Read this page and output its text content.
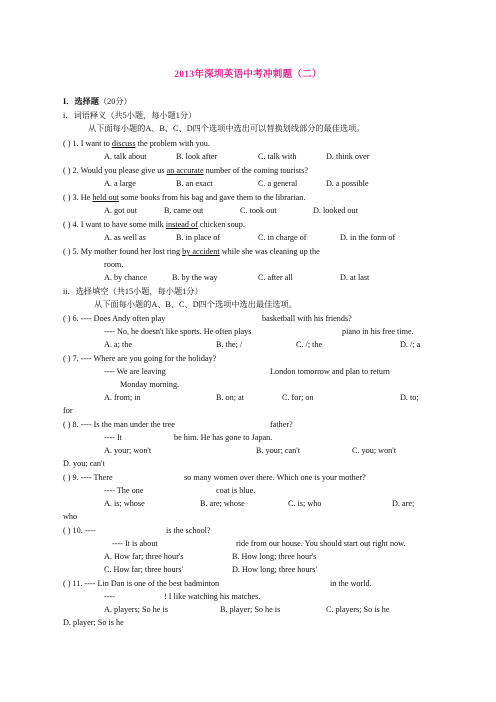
2013年深圳英语中考冲刺题（二）
I．选择题（20分）
i．词语释义（共5小题，每小题1分）
从下面每小题的A、B、C、D四个选项中选出可以替换划线部分的最佳选项。
( ) 1. I want to discuss the problem with you.
A. talk about	B. look after	C. talk with	D. think over
( ) 2. Would you please give us an accurate number of the coming tourists?
A. a large	B. an exact	C. a general	D. a possible
( ) 3. He held out some books from his bag and gave them to the librarian.
A. got out	B. came out	C. took out	D. looked out
( ) 4. I want to have some milk instead of chicken soup.
A. as well as	B. in place of	C. in charge of	D. in the form of
( ) 5. My mother found her lost ring by accident while she was cleaning up the
room.
A. by chance	B. by the way	C. after all	D. at last
ii．选择填空（共15小题，每小题1分）
从下面每小题的A、B、C、D四个选项中选出最佳选项。
( ) 6. ---- Does Andy often play	basketball with his friends?
---- No, he doesn't like sports. He often plays	piano in his free time.
A. a; the	B. the; /	C. /; the	D. /; a
( ) 7. ---- Where are you going for the holiday?
---- We are leaving	London tomorrow and plan to return
Monday morning.
A. from; in	B. on; at	C. for; on	D. to;
for
( ) 8. ---- Is the man under the tree	father?
---- It	be him. He has gone to Japan.
A. your; won't	B. your; can't	C. you; won't
D. you; can't
( ) 9. ---- There	so many women over there. Which one is your mother?
---- The one	coat is blue.
A. is; whose	B. are; whose	C. is; who	D. are;
who
( ) 10. ----	is the school?
---- It is about	ride from our house. You should start out right now.
A. How far; three hour's	B. How long; three hour's
C. How far; three hours'	D. How long; three hours'
( ) 11. ---- Lin Dan is one of the best badminton	in the world.
----	! I like watching his matches.
A. players; So he is	B. player; So he is	C. players; So is he
D. player; So is he
